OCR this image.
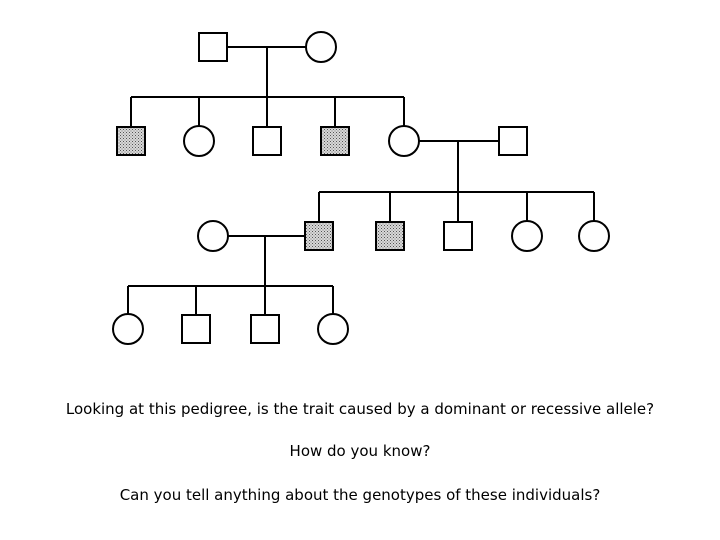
Looking at this pedigree, is the trait caused by a dominant or recessive allele?
How do you know?
Can you tell anything about the genotypes of these individuals?
